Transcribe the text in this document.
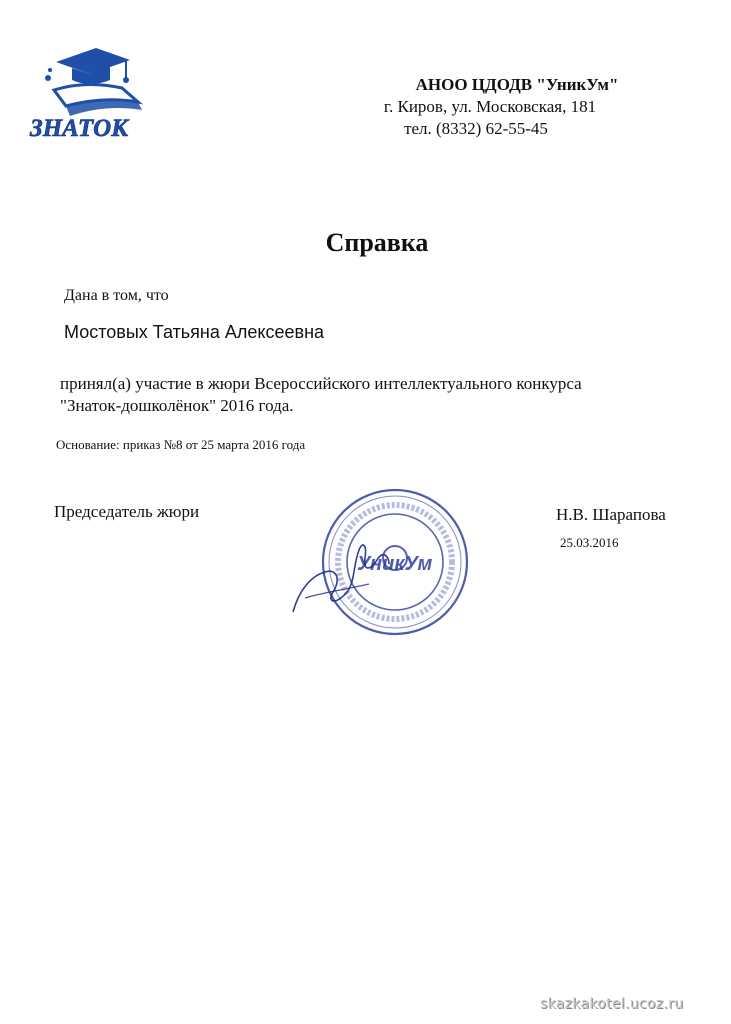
ЗНАТОК
АНОО ЦДОДВ "УникУм"
г. Киров, ул. Московская, 181
тел. (8332) 62-55-45
Справка
Дана в том, что
Мостовых Татьяна Алексеевна
принял(а) участие в жюри Всероссийского интеллектуального конкурса
"Знаток-дошколёнок" 2016 года.
Основание: приказ №8 от 25 марта 2016 года
Председатель жюри
УникУм
Н.В. Шарапова
25.03.2016
skazkakotel.ucoz.ru
